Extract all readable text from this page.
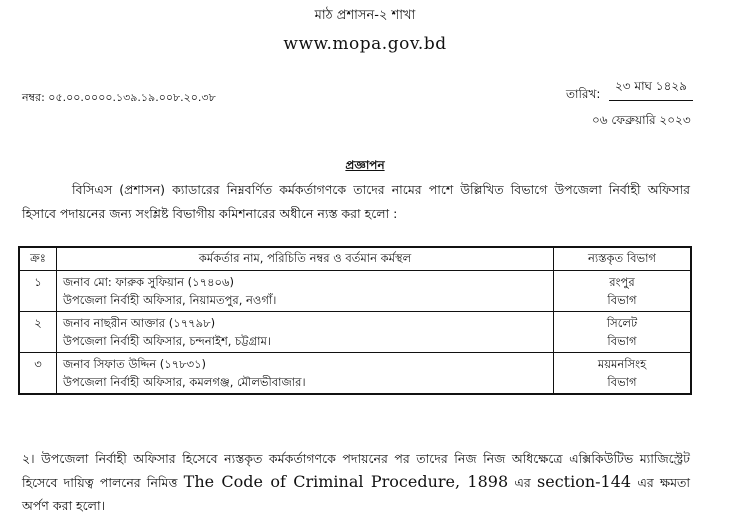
মাঠ প্রশাসন-২ শাখা
www.mopa.gov.bd
নম্বর: ০৫.০০.০০০০.১৩৯.১৯.০০৮.২০.৩৮	তারিখ:
২৩ মাঘ ১৪২৯
০৬ ফেব্রুয়ারি ২০২৩
প্রজ্ঞাপন
বিসিএস (প্রশাসন) ক্যাডারের নিম্নবর্ণিত কর্মকর্তাগণকে তাদের নামের পাশে উল্লিখিত বিভাগে উপজেলা নির্বাহী অফিসার হিসাবে পদায়নের জন্য সংশ্লিষ্ট বিভাগীয় কমিশনারের অধীনে ন্যস্ত করা হলো :
ক্রঃ	কর্মকর্তার নাম, পরিচিতি নম্বর ও বর্তমান কর্মস্থল	ন্যস্তকৃত বিভাগ
১	জনাব মো: ফারুক সুফিয়ান (১৭৪০৬)
উপজেলা নির্বাহী অফিসার, নিয়ামতপুর, নওগাঁ।	রংপুর
বিভাগ

২	জনাব নাছরীন আক্তার (১৭৭৯৮)
উপজেলা নির্বাহী অফিসার, চন্দনাইশ, চট্টগ্রাম।	সিলেট
বিভাগ

৩	জনাব সিফাত উদ্দিন (১৭৮৩১)
উপজেলা নির্বাহী অফিসার, কমলগঞ্জ, মৌলভীবাজার।	ময়মনসিংহ
বিভাগ
২। উপজেলা নির্বাহী অফিসার হিসেবে ন্যস্তকৃত কর্মকর্তাগণকে পদায়নের পর তাদের নিজ নিজ অধিক্ষেত্রে এক্সিকিউটিভ ম্যাজিস্ট্রেট হিসেবে দায়িত্ব পালনের নিমিত্ত The Code of Criminal Procedure, 1898 এর section-144 এর ক্ষমতা অর্পণ করা হলো।
